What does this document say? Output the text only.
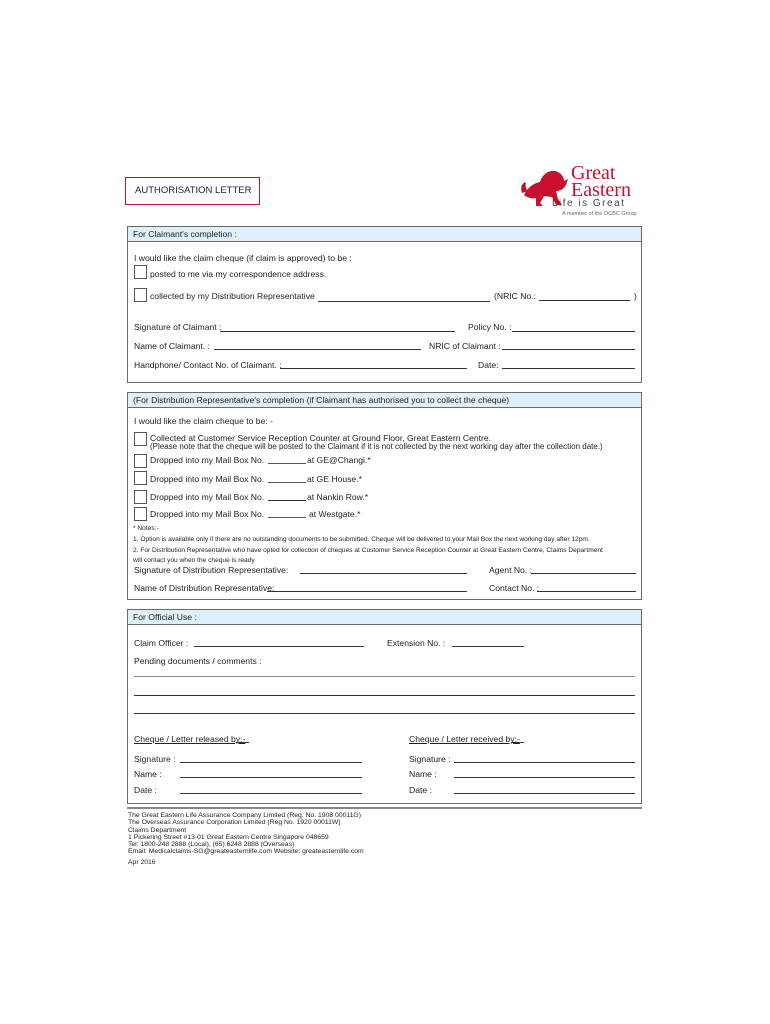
AUTHORISATION LETTER
Great
Eastern
Life is Great
A member of the OCBC Group
For Claimant's completion :
I would like the claim cheque (if claim is approved) to be :
posted to me via my correspondence address.
collected by my Distribution Representative	(NRIC No.:	)
Signature of Claimant :	Policy No. :
Name of Claimant. :	NRIC of Claimant :
Handphone/ Contact No. of Claimant. :	Date:
(For Distribution Representative's completion (if Claimant has authorised you to collect the cheque)
I would like the claim cheque to be: -
Collected at Customer Service Reception Counter at Ground Floor, Great Eastern Centre.
(Please note that the cheque will be posted to the Claimant if it is not collected by the next working day after the collection date.)
Dropped into my Mail Box No.	at GE@Changi.*
Dropped into my Mail Box No.	at GE House.*
Dropped into my Mail Box No.	at Nankin Row.*
Dropped into my Mail Box No.	at Westgate.*
* Notes:-
1. Option is available only if there are no outstanding documents to be submitted. Cheque will be delivered to your Mail Box the next working day after 12pm.
2. For Distribution Representative who have opted for collection of cheques at Customer Service Reception Counter at Great Eastern Centre, Claims Department
will contact you when the cheque is ready
Signature of Distribution Representative:	Agent No. :
Name of Distribution Representative:	Contact No. :
For Official Use :
Claim Officer :	Extension No. :
Pending documents / comments :
Cheque / Letter released by:-	Cheque / Letter received by:-
Signature :	Signature :
Name :	Name :
Date :	Date :
The Great Eastern Life Assurance Company Limited (Reg. No. 1908 00011G)
The Overseas Assurance Corporation Limited (Reg No. 1920 00011W)
Claims Department
1 Pickering Street #13-01 Great Eastern Centre Singapore 048659
Tel: 1800-248 2888 (Local), (65) 6248 2888 (Overseas)
Email: Medicalclaims-SG@greateasternlife.com Website: greateasternlife.com
Apr 2016
